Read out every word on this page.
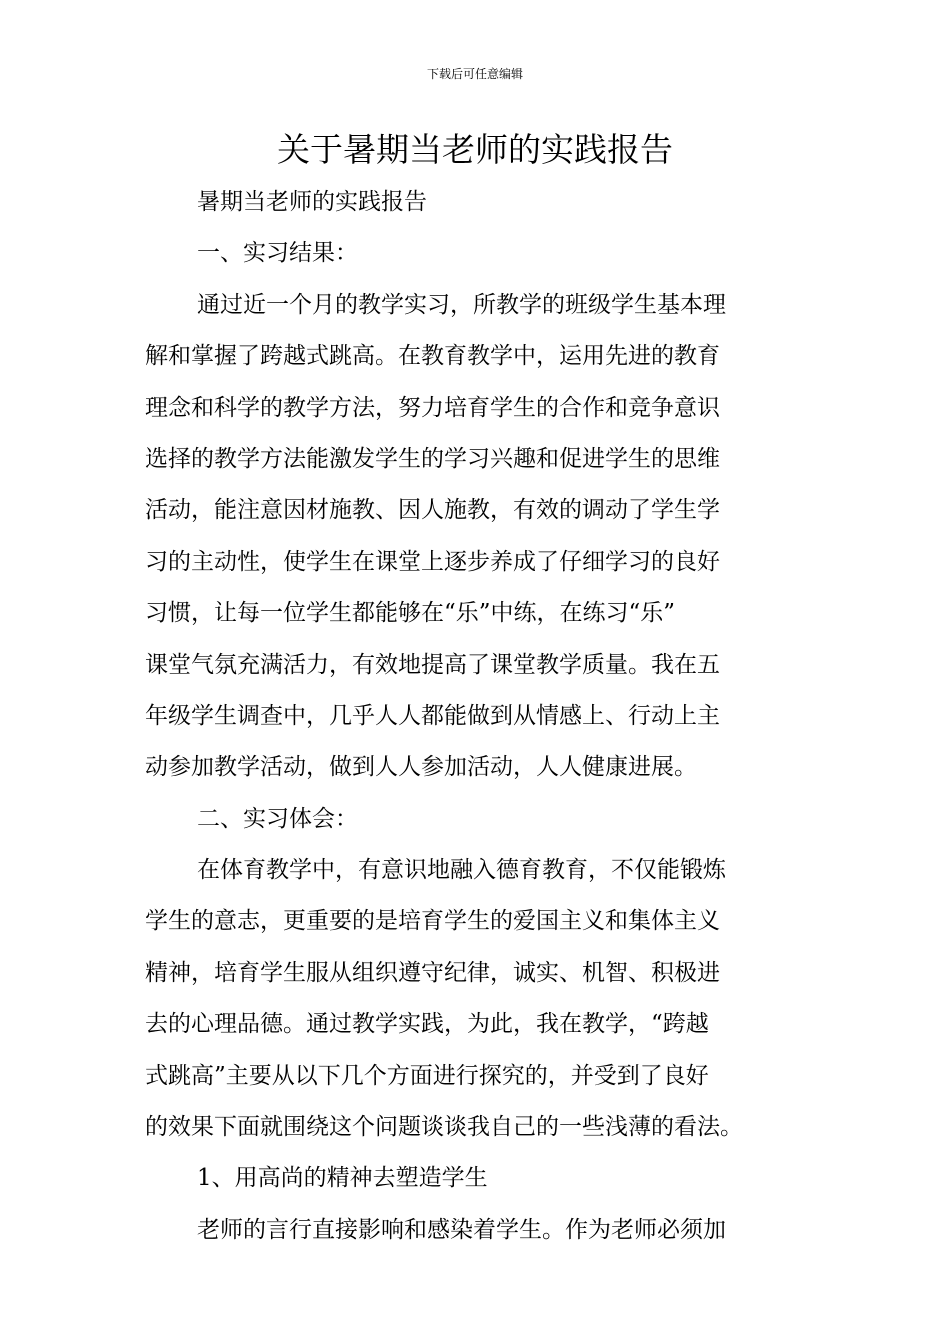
下载后可任意编辑
关于暑期当老师的实践报告
暑期当老师的实践报告
一、实习结果：
通过近一个月的教学实习，所教学的班级学生基本理
解和掌握了跨越式跳高。在教育教学中，运用先进的教育
理念和科学的教学方法，努力培育学生的合作和竞争意识
选择的教学方法能激发学生的学习兴趣和促进学生的思维
活动，能注意因材施教、因人施教，有效的调动了学生学
习的主动性，使学生在课堂上逐步养成了仔细学习的良好
习惯，让每一位学生都能够在“乐”中练，在练习“乐”
课堂气氛充满活力，有效地提高了课堂教学质量。我在五
年级学生调查中，几乎人人都能做到从情感上、行动上主
动参加教学活动，做到人人参加活动，人人健康进展。
二、实习体会：
在体育教学中，有意识地融入德育教育，不仅能锻炼
学生的意志，更重要的是培育学生的爱国主义和集体主义
精神，培育学生服从组织遵守纪律，诚实、机智、积极进
去的心理品德。通过教学实践，为此，我在教学，“跨越
式跳高”主要从以下几个方面进行探究的，并受到了良好
的效果下面就围绕这个问题谈谈我自己的一些浅薄的看法。
1、用高尚的精神去塑造学生
老师的言行直接影响和感染着学生。作为老师必须加
